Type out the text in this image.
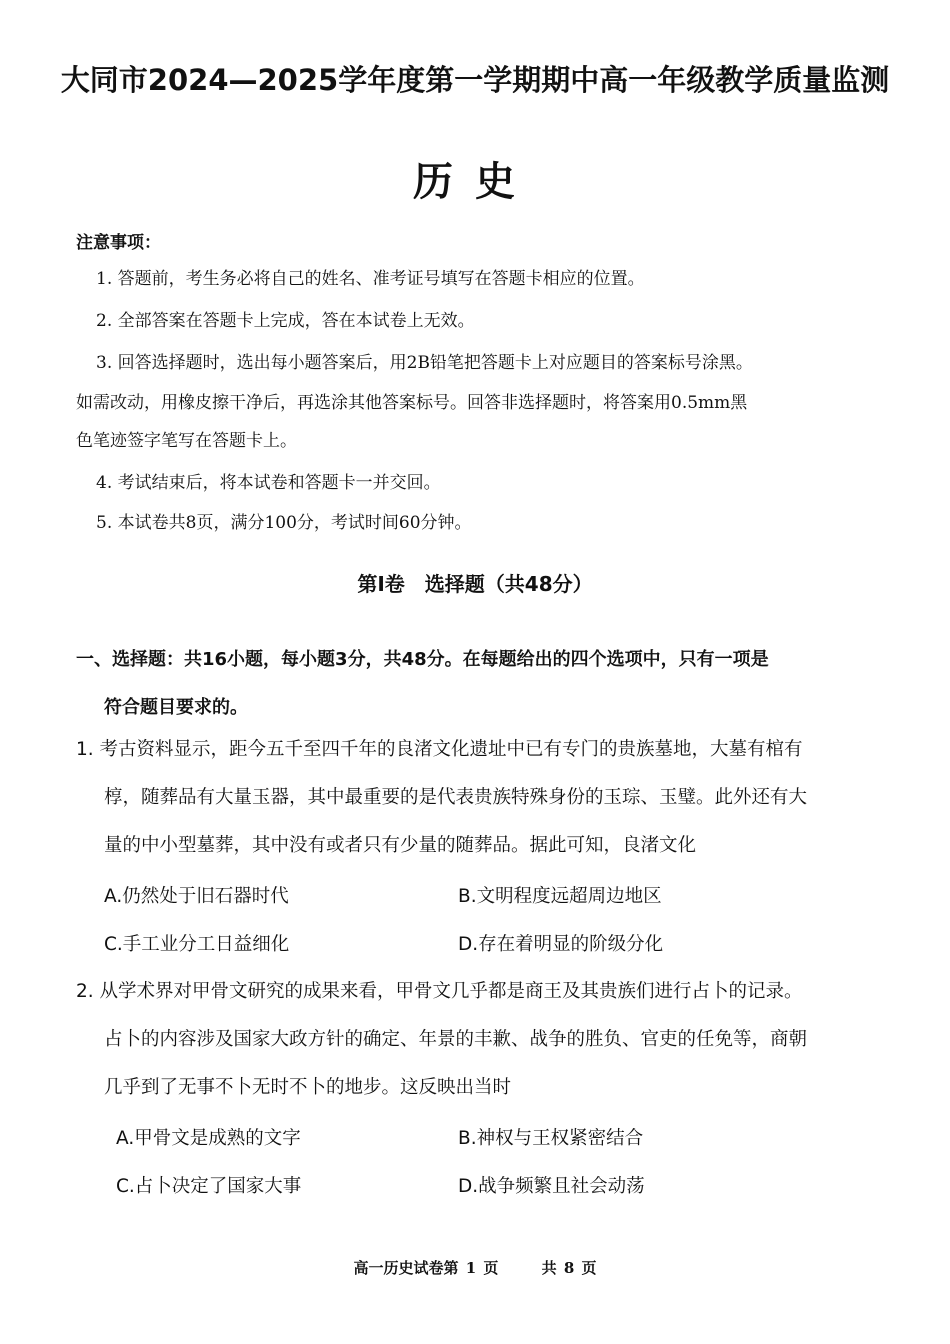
大同市2024—2025学年度第一学期期中高一年级教学质量监测
历史
注意事项：
1. 答题前，考生务必将自己的姓名、准考证号填写在答题卡相应的位置。
2. 全部答案在答题卡上完成，答在本试卷上无效。
3. 回答选择题时，选出每小题答案后，用2B铅笔把答题卡上对应题目的答案标号涂黑。
如需改动，用橡皮擦干净后，再选涂其他答案标号。回答非选择题时，将答案用0.5mm黑
色笔迹签字笔写在答题卡上。
4. 考试结束后，将本试卷和答题卡一并交回。
5. 本试卷共8页，满分100分，考试时间60分钟。
第Ⅰ卷　选择题（共48分）
一、选择题：共16小题，每小题3分，共48分。在每题给出的四个选项中，只有一项是
符合题目要求的。
1. 考古资料显示，距今五千至四千年的良渚文化遗址中已有专门的贵族墓地，大墓有棺有
椁，随葬品有大量玉器，其中最重要的是代表贵族特殊身份的玉琮、玉璧。此外还有大
量的中小型墓葬，其中没有或者只有少量的随葬品。据此可知，良渚文化
A.仍然处于旧石器时代	B.文明程度远超周边地区
C.手工业分工日益细化	D.存在着明显的阶级分化
2. 从学术界对甲骨文研究的成果来看，甲骨文几乎都是商王及其贵族们进行占卜的记录。
占卜的内容涉及国家大政方针的确定、年景的丰歉、战争的胜负、官吏的任免等，商朝
几乎到了无事不卜无时不卜的地步。这反映出当时
A.甲骨文是成熟的文字	B.神权与王权紧密结合
C.占卜决定了国家大事	D.战争频繁且社会动荡
高一历史试卷第 1 页	共 8 页
